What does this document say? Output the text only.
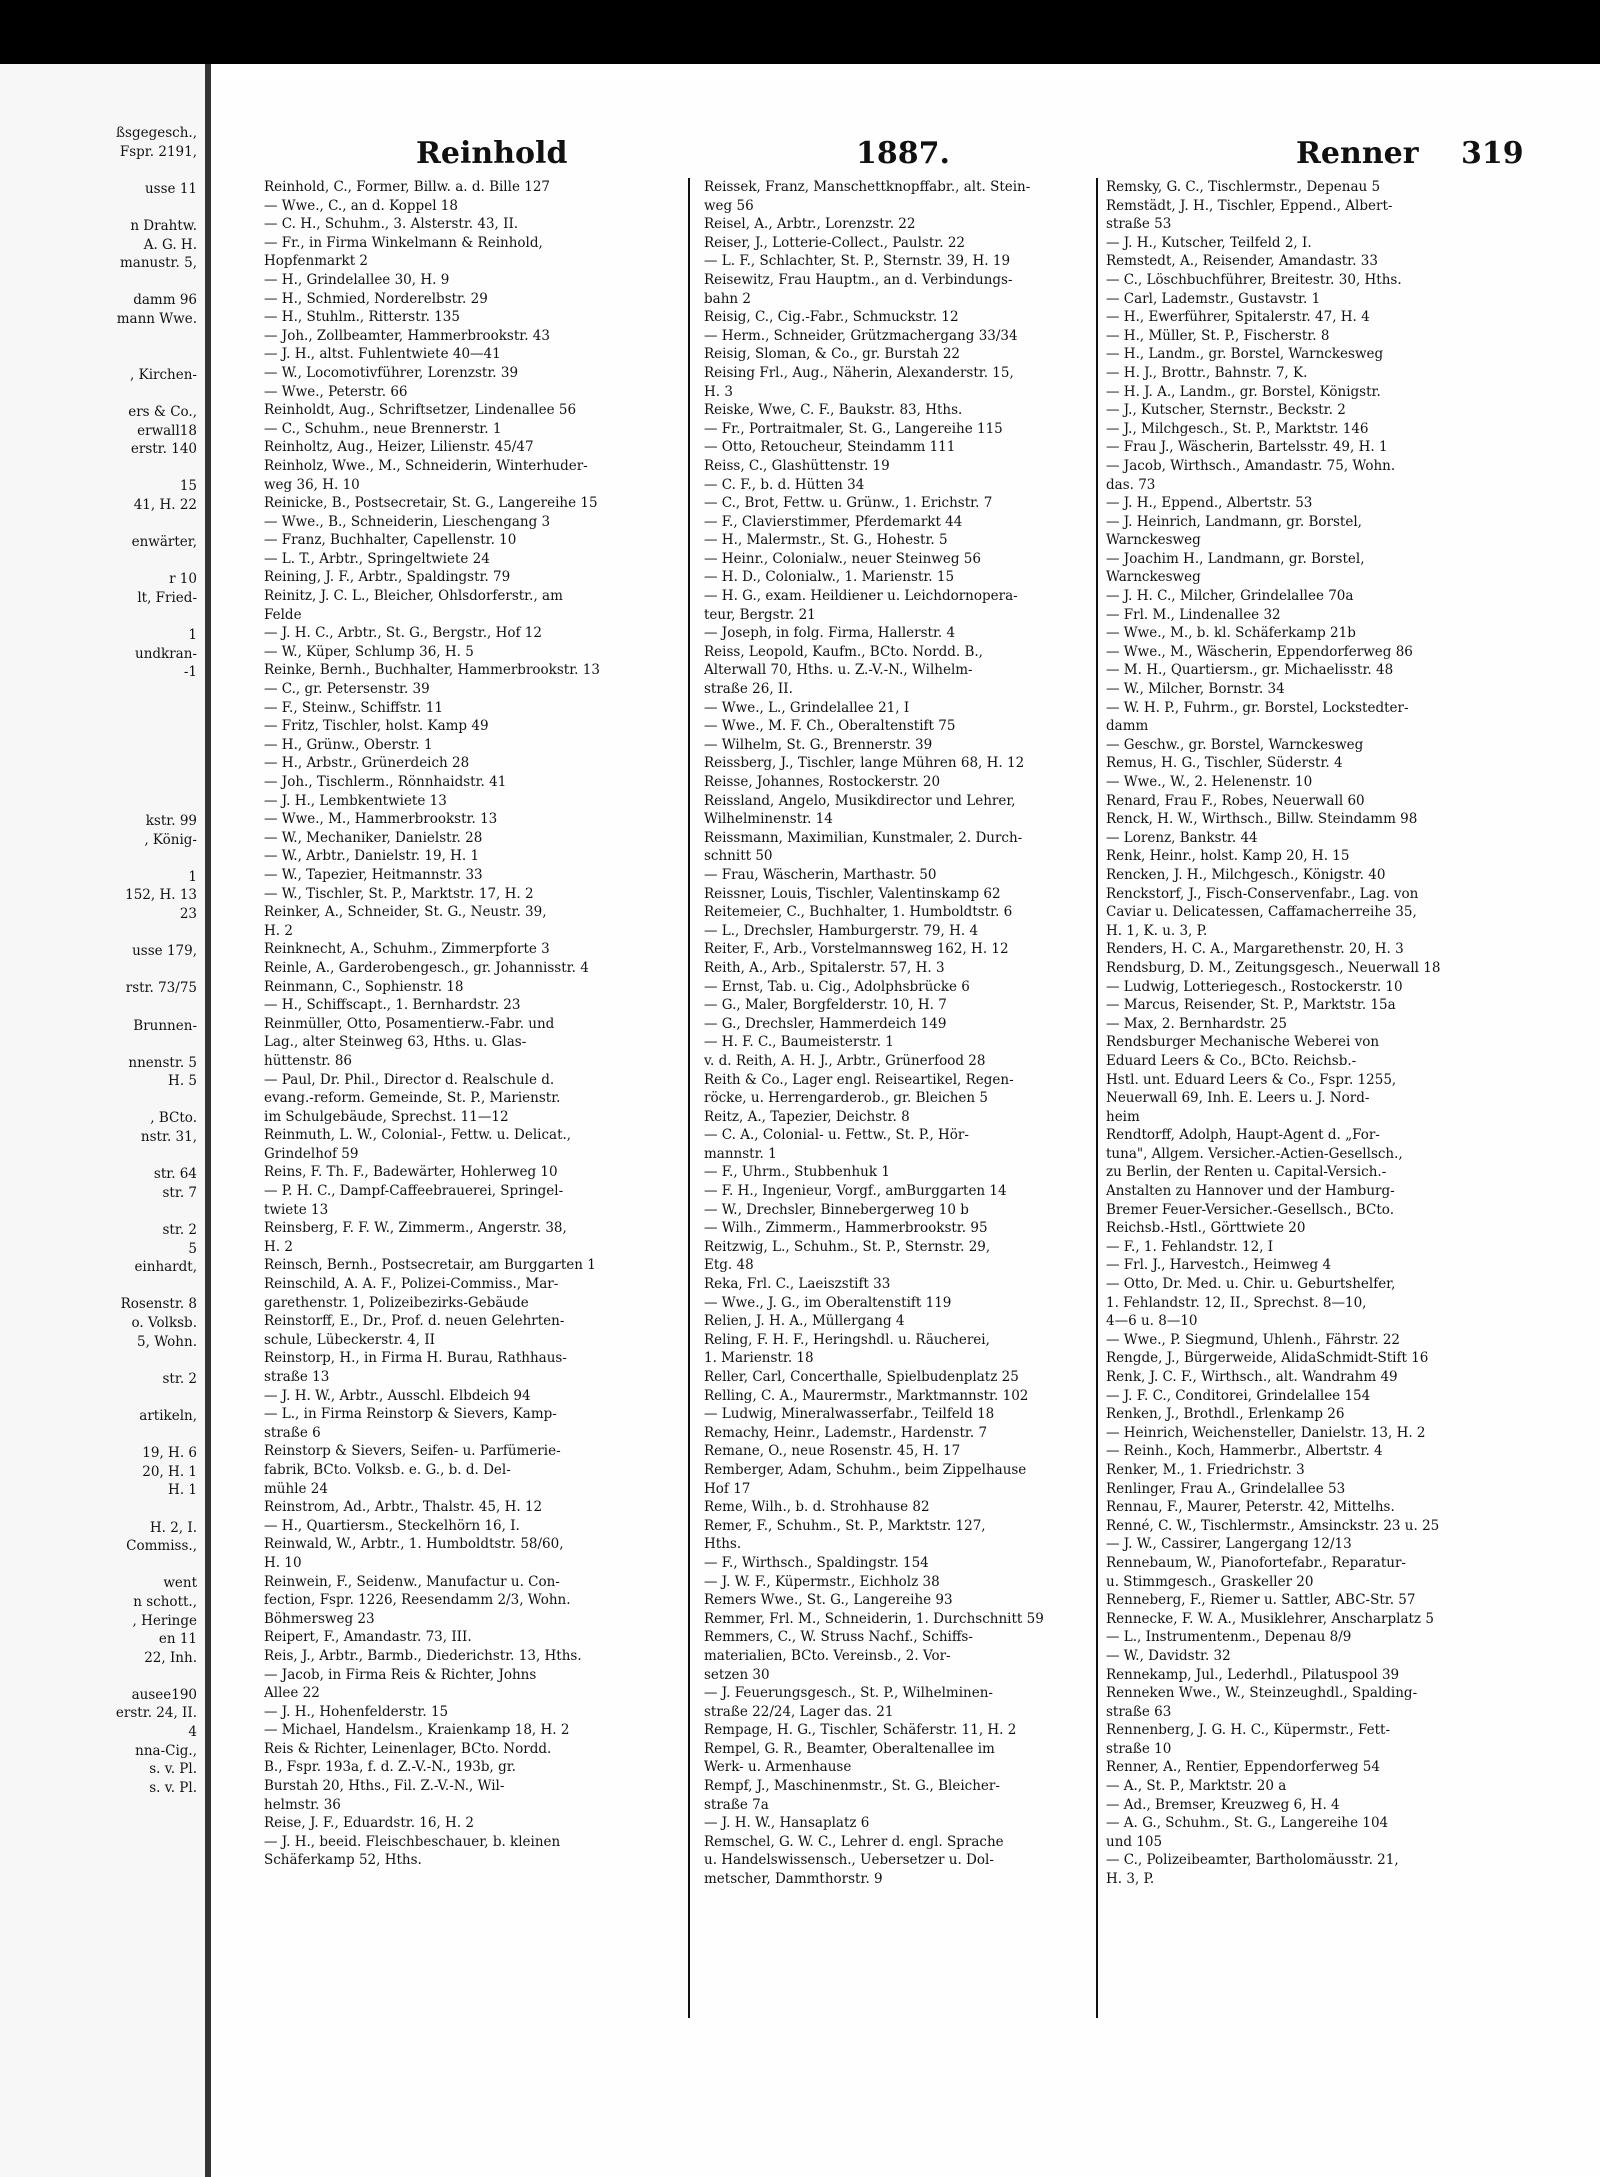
ßsgegesch.,
Fspr. 2191,

usse 11

n Drahtw.
A. G. H.
manustr. 5,

damm 96
mann Wwe.

, Kirchen-

ers & Co.,
erwall18
erstr. 140

15
41, H. 22

enwärter,

r 10
lt, Fried-

1
undkran-
-1

kstr. 99
, König-

1
152, H. 13
23

usse 179,

rstr. 73/75

Brunnen-

nnenstr. 5
H. 5

, BCto.
nstr. 31,

str. 64
str. 7

str. 2
5
einhardt,

Rosenstr. 8
o. Volksb.
5, Wohn.

str. 2

artikeln,

19, H. 6
20, H. 1
H. 1

H. 2, I.
Commiss.,

went
n schott.,
, Heringe
en 11
22, Inh.

ausee190
erstr. 24, II.
4
nna-Cig.,
s. v. Pl.
s. v. Pl.
Reinhold	1887.	Renner 319
Reinhold, C., Former, Billw. a. d. Bille 127
— Wwe., C., an d. Koppel 18
— C. H., Schuhm., 3. Alsterstr. 43, II.
— Fr., in Firma Winkelmann & Reinhold,
Hopfenmarkt 2
— H., Grindelallee 30, H. 9
— H., Schmied, Norderelbstr. 29
— H., Stuhlm., Ritterstr. 135
— Joh., Zollbeamter, Hammerbrookstr. 43
— J. H., altst. Fuhlentwiete 40—41
— W., Locomotivführer, Lorenzstr. 39
— Wwe., Peterstr. 66
Reinholdt, Aug., Schriftsetzer, Lindenallee 56
— C., Schuhm., neue Brennerstr. 1
Reinholtz, Aug., Heizer, Lilienstr. 45/47
Reinholz, Wwe., M., Schneiderin, Winterhuder-
weg 36, H. 10
Reinicke, B., Postsecretair, St. G., Langereihe 15
— Wwe., B., Schneiderin, Lieschengang 3
— Franz, Buchhalter, Capellenstr. 10
— L. T., Arbtr., Springeltwiete 24
Reining, J. F., Arbtr., Spaldingstr. 79
Reinitz, J. C. L., Bleicher, Ohlsdorferstr., am
Felde
— J. H. C., Arbtr., St. G., Bergstr., Hof 12
— W., Küper, Schlump 36, H. 5
Reinke, Bernh., Buchhalter, Hammerbrookstr. 13
— C., gr. Petersenstr. 39
— F., Steinw., Schiffstr. 11
— Fritz, Tischler, holst. Kamp 49
— H., Grünw., Oberstr. 1
— H., Arbstr., Grünerdeich 28
— Joh., Tischlerm., Rönnhaidstr. 41
— J. H., Lembkentwiete 13
— Wwe., M., Hammerbrookstr. 13
— W., Mechaniker, Danielstr. 28
— W., Arbtr., Danielstr. 19, H. 1
— W., Tapezier, Heitmannstr. 33
— W., Tischler, St. P., Marktstr. 17, H. 2
Reinker, A., Schneider, St. G., Neustr. 39,
H. 2
Reinknecht, A., Schuhm., Zimmerpforte 3
Reinle, A., Garderobengesch., gr. Johannisstr. 4
Reinmann, C., Sophienstr. 18
— H., Schiffscapt., 1. Bernhardstr. 23
Reinmüller, Otto, Posamentierw.-Fabr. und
Lag., alter Steinweg 63, Hths. u. Glas-
hüttenstr. 86
— Paul, Dr. Phil., Director d. Realschule d.
evang.-reform. Gemeinde, St. P., Marienstr.
im Schulgebäude, Sprechst. 11—12
Reinmuth, L. W., Colonial-, Fettw. u. Delicat.,
Grindelhof 59
Reins, F. Th. F., Badewärter, Hohlerweg 10
— P. H. C., Dampf-Caffeebrauerei, Springel-
twiete 13
Reinsberg, F. F. W., Zimmerm., Angerstr. 38,
H. 2
Reinsch, Bernh., Postsecretair, am Burggarten 1
Reinschild, A. A. F., Polizei-Commiss., Mar-
garethenstr. 1, Polizeibezirks-Gebäude
Reinstorff, E., Dr., Prof. d. neuen Gelehrten-
schule, Lübeckerstr. 4, II
Reinstorp, H., in Firma H. Burau, Rathhaus-
straße 13
— J. H. W., Arbtr., Ausschl. Elbdeich 94
— L., in Firma Reinstorp & Sievers, Kamp-
straße 6
Reinstorp & Sievers, Seifen- u. Parfümerie-
fabrik, BCto. Volksb. e. G., b. d. Del-
mühle 24
Reinstrom, Ad., Arbtr., Thalstr. 45, H. 12
— H., Quartiersm., Steckelhörn 16, I.
Reinwald, W., Arbtr., 1. Humboldtstr. 58/60,
H. 10
Reinwein, F., Seidenw., Manufactur u. Con-
fection, Fspr. 1226, Reesendamm 2/3, Wohn.
Böhmersweg 23
Reipert, F., Amandastr. 73, III.
Reis, J., Arbtr., Barmb., Diederichstr. 13, Hths.
— Jacob, in Firma Reis & Richter, Johns
Allee 22
— J. H., Hohenfelderstr. 15
— Michael, Handelsm., Kraienkamp 18, H. 2
Reis & Richter, Leinenlager, BCto. Nordd.
B., Fspr. 193a, f. d. Z.-V.-N., 193b, gr.
Burstah 20, Hths., Fil. Z.-V.-N., Wil-
helmstr. 36
Reise, J. F., Eduardstr. 16, H. 2
— J. H., beeid. Fleischbeschauer, b. kleinen
Schäferkamp 52, Hths.
Reissek, Franz, Manschettknopffabr., alt. Stein-
weg 56
Reisel, A., Arbtr., Lorenzstr. 22
Reiser, J., Lotterie-Collect., Paulstr. 22
— L. F., Schlachter, St. P., Sternstr. 39, H. 19
Reisewitz, Frau Hauptm., an d. Verbindungs-
bahn 2
Reisig, C., Cig.-Fabr., Schmuckstr. 12
— Herm., Schneider, Grützmachergang 33/34
Reisig, Sloman, & Co., gr. Burstah 22
Reising Frl., Aug., Näherin, Alexanderstr. 15,
H. 3
Reiske, Wwe, C. F., Baukstr. 83, Hths.
— Fr., Portraitmaler, St. G., Langereihe 115
— Otto, Retoucheur, Steindamm 111
Reiss, C., Glashüttenstr. 19
— C. F., b. d. Hütten 34
— C., Brot, Fettw. u. Grünw., 1. Erichstr. 7
— F., Clavierstimmer, Pferdemarkt 44
— H., Malermstr., St. G., Hohestr. 5
— Heinr., Colonialw., neuer Steinweg 56
— H. D., Colonialw., 1. Marienstr. 15
— H. G., exam. Heildiener u. Leichdornopera-
teur, Bergstr. 21
— Joseph, in folg. Firma, Hallerstr. 4
Reiss, Leopold, Kaufm., BCto. Nordd. B.,
Alterwall 70, Hths. u. Z.-V.-N., Wilhelm-
straße 26, II.
— Wwe., L., Grindelallee 21, I
— Wwe., M. F. Ch., Oberaltenstift 75
— Wilhelm, St. G., Brennerstr. 39
Reissberg, J., Tischler, lange Mühren 68, H. 12
Reisse, Johannes, Rostockerstr. 20
Reissland, Angelo, Musikdirector und Lehrer,
Wilhelminenstr. 14
Reissmann, Maximilian, Kunstmaler, 2. Durch-
schnitt 50
— Frau, Wäscherin, Marthastr. 50
Reissner, Louis, Tischler, Valentinskamp 62
Reitemeier, C., Buchhalter, 1. Humboldtstr. 6
— L., Drechsler, Hamburgerstr. 79, H. 4
Reiter, F., Arb., Vorstelmannsweg 162, H. 12
Reith, A., Arb., Spitalerstr. 57, H. 3
— Ernst, Tab. u. Cig., Adolphsbrücke 6
— G., Maler, Borgfelderstr. 10, H. 7
— G., Drechsler, Hammerdeich 149
— H. F. C., Baumeisterstr. 1
v. d. Reith, A. H. J., Arbtr., Grünerfood 28
Reith & Co., Lager engl. Reiseartikel, Regen-
röcke, u. Herrengarderob., gr. Bleichen 5
Reitz, A., Tapezier, Deichstr. 8
— C. A., Colonial- u. Fettw., St. P., Hör-
mannstr. 1
— F., Uhrm., Stubbenhuk 1
— F. H., Ingenieur, Vorgf., amBurggarten 14
— W., Drechsler, Binnebergerweg 10 b
— Wilh., Zimmerm., Hammerbrookstr. 95
Reitzwig, L., Schuhm., St. P., Sternstr. 29,
Etg. 48
Reka, Frl. C., Laeiszstift 33
— Wwe., J. G., im Oberaltenstift 119
Relien, J. H. A., Müllergang 4
Reling, F. H. F., Heringshdl. u. Räucherei,
1. Marienstr. 18
Reller, Carl, Concerthalle, Spielbudenplatz 25
Relling, C. A., Maurermstr., Marktmannstr. 102
— Ludwig, Mineralwasserfabr., Teilfeld 18
Remachy, Heinr., Lademstr., Hardenstr. 7
Remane, O., neue Rosenstr. 45, H. 17
Remberger, Adam, Schuhm., beim Zippelhause
Hof 17
Reme, Wilh., b. d. Strohhause 82
Remer, F., Schuhm., St. P., Marktstr. 127,
Hths.
— F., Wirthsch., Spaldingstr. 154
— J. W. F., Küpermstr., Eichholz 38
Remers Wwe., St. G., Langereihe 93
Remmer, Frl. M., Schneiderin, 1. Durchschnitt 59
Remmers, C., W. Struss Nachf., Schiffs-
materialien, BCto. Vereinsb., 2. Vor-
setzen 30
— J. Feuerungsgesch., St. P., Wilhelminen-
straße 22/24, Lager das. 21
Rempage, H. G., Tischler, Schäferstr. 11, H. 2
Rempel, G. R., Beamter, Oberaltenallee im
Werk- u. Armenhause
Rempf, J., Maschinenmstr., St. G., Bleicher-
straße 7a
— J. H. W., Hansaplatz 6
Remschel, G. W. C., Lehrer d. engl. Sprache
u. Handelswissensch., Uebersetzer u. Dol-
metscher, Dammthorstr. 9
Remsky, G. C., Tischlermstr., Depenau 5
Remstädt, J. H., Tischler, Eppend., Albert-
straße 53
— J. H., Kutscher, Teilfeld 2, I.
Remstedt, A., Reisender, Amandastr. 33
— C., Löschbuchführer, Breitestr. 30, Hths.
— Carl, Lademstr., Gustavstr. 1
— H., Ewerführer, Spitalerstr. 47, H. 4
— H., Müller, St. P., Fischerstr. 8
— H., Landm., gr. Borstel, Warnckesweg
— H. J., Brottr., Bahnstr. 7, K.
— H. J. A., Landm., gr. Borstel, Königstr.
— J., Kutscher, Sternstr., Beckstr. 2
— J., Milchgesch., St. P., Marktstr. 146
— Frau J., Wäscherin, Bartelsstr. 49, H. 1
— Jacob, Wirthsch., Amandastr. 75, Wohn.
das. 73
— J. H., Eppend., Albertstr. 53
— J. Heinrich, Landmann, gr. Borstel,
Warnckesweg
— Joachim H., Landmann, gr. Borstel,
Warnckesweg
— J. H. C., Milcher, Grindelallee 70a
— Frl. M., Lindenallee 32
— Wwe., M., b. kl. Schäferkamp 21b
— Wwe., M., Wäscherin, Eppendorferweg 86
— M. H., Quartiersm., gr. Michaelisstr. 48
— W., Milcher, Bornstr. 34
— W. H. P., Fuhrm., gr. Borstel, Lockstedter-
damm
— Geschw., gr. Borstel, Warnckesweg
Remus, H. G., Tischler, Süderstr. 4
— Wwe., W., 2. Helenenstr. 10
Renard, Frau F., Robes, Neuerwall 60
Renck, H. W., Wirthsch., Billw. Steindamm 98
— Lorenz, Bankstr. 44
Renk, Heinr., holst. Kamp 20, H. 15
Rencken, J. H., Milchgesch., Königstr. 40
Renckstorf, J., Fisch-Conservenfabr., Lag. von
Caviar u. Delicatessen, Caffamacherreihe 35,
H. 1, K. u. 3, P.
Renders, H. C. A., Margarethenstr. 20, H. 3
Rendsburg, D. M., Zeitungsgesch., Neuerwall 18
— Ludwig, Lotteriegesch., Rostockerstr. 10
— Marcus, Reisender, St. P., Marktstr. 15a
— Max, 2. Bernhardstr. 25
Rendsburger Mechanische Weberei von
Eduard Leers & Co., BCto. Reichsb.-
Hstl. unt. Eduard Leers & Co., Fspr. 1255,
Neuerwall 69, Inh. E. Leers u. J. Nord-
heim
Rendtorff, Adolph, Haupt-Agent d. „For-
tuna", Allgem. Versicher.-Actien-Gesellsch.,
zu Berlin, der Renten u. Capital-Versich.-
Anstalten zu Hannover und der Hamburg-
Bremer Feuer-Versicher.-Gesellsch., BCto.
Reichsb.-Hstl., Görttwiete 20
— F., 1. Fehlandstr. 12, I
— Frl. J., Harvestch., Heimweg 4
— Otto, Dr. Med. u. Chir. u. Geburtshelfer,
1. Fehlandstr. 12, II., Sprechst. 8—10,
4—6 u. 8—10
— Wwe., P. Siegmund, Uhlenh., Fährstr. 22
Rengde, J., Bürgerweide, AlidaSchmidt-Stift 16
Renk, J. C. F., Wirthsch., alt. Wandrahm 49
— J. F. C., Conditorei, Grindelallee 154
Renken, J., Brothdl., Erlenkamp 26
— Heinrich, Weichensteller, Danielstr. 13, H. 2
— Reinh., Koch, Hammerbr., Albertstr. 4
Renker, M., 1. Friedrichstr. 3
Renlinger, Frau A., Grindelallee 53
Rennau, F., Maurer, Peterstr. 42, Mittelhs.
Renné, C. W., Tischlermstr., Amsinckstr. 23 u. 25
— J. W., Cassirer, Langergang 12/13
Rennebaum, W., Pianofortefabr., Reparatur-
u. Stimmgesch., Graskeller 20
Renneberg, F., Riemer u. Sattler, ABC-Str. 57
Rennecke, F. W. A., Musiklehrer, Anscharplatz 5
— L., Instrumentenm., Depenau 8/9
— W., Davidstr. 32
Rennekamp, Jul., Lederhdl., Pilatuspool 39
Renneken Wwe., W., Steinzeughdl., Spalding-
straße 63
Rennenberg, J. G. H. C., Küpermstr., Fett-
straße 10
Renner, A., Rentier, Eppendorferweg 54
— A., St. P., Marktstr. 20 a
— Ad., Bremser, Kreuzweg 6, H. 4
— A. G., Schuhm., St. G., Langereihe 104
und 105
— C., Polizeibeamter, Bartholomäusstr. 21,
H. 3, P.
